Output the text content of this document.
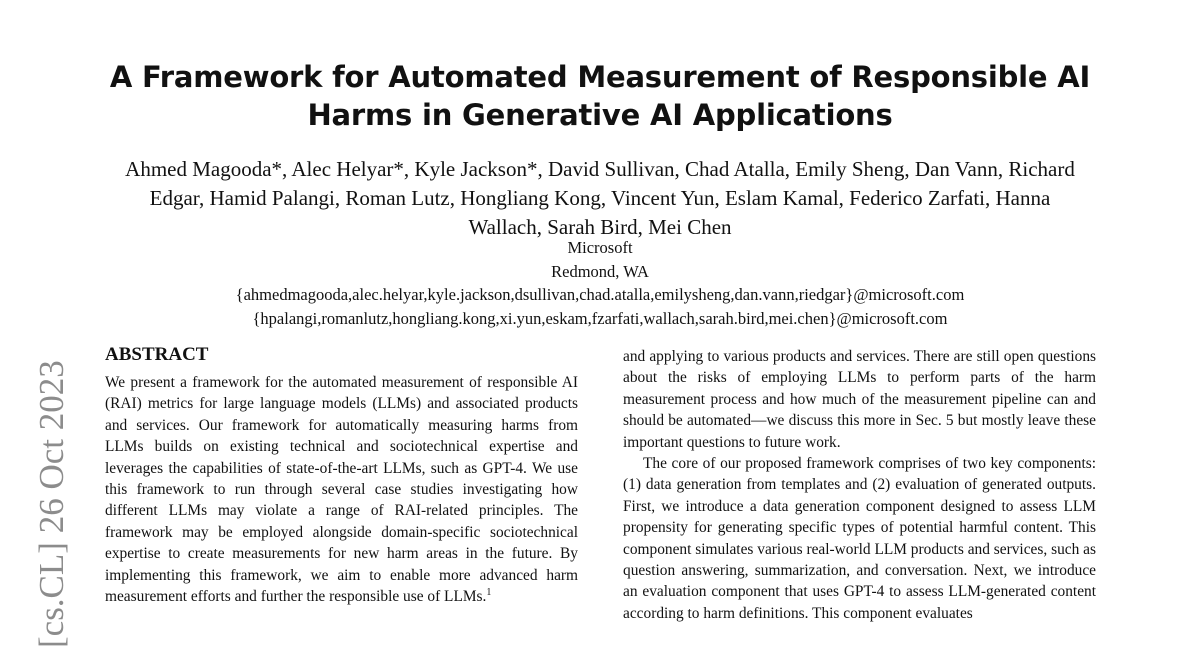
A Framework for Automated Measurement of Responsible AI
Harms in Generative AI Applications
Ahmed Magooda*, Alec Helyar*, Kyle Jackson*, David Sullivan, Chad Atalla, Emily Sheng, Dan Vann, Richard Edgar, Hamid Palangi, Roman Lutz, Hongliang Kong, Vincent Yun, Eslam Kamal, Federico Zarfati, Hanna Wallach, Sarah Bird, Mei Chen
Microsoft
Redmond, WA
{ahmedmagooda,alec.helyar,kyle.jackson,dsullivan,chad.atalla,emilysheng,dan.vann,riedgar}@microsoft.com
{hpalangi,romanlutz,hongliang.kong,xi.yun,eskam,fzarfati,wallach,sarah.bird,mei.chen}@microsoft.com
[cs.CL] 26 Oct 2023
ABSTRACT

We present a framework for the automated measurement of responsible AI (RAI) metrics for large language models (LLMs) and associated products and services. Our framework for automatically measuring harms from LLMs builds on existing technical and sociotechnical expertise and leverages the capabilities of state-of-the-art LLMs, such as GPT-4. We use this framework to run through several case studies investigating how different LLMs may violate a range of RAI-related principles. The framework may be employed alongside domain-specific sociotechnical expertise to create measurements for new harm areas in the future. By implementing this framework, we aim to enable more advanced harm measurement efforts and further the responsible use of LLMs.$^1$

and applying to various products and services. There are still open questions about the risks of employing LLMs to perform parts of the harm measurement process and how much of the measurement pipeline can and should be automated—we discuss this more in Sec. 5 but mostly leave these important questions to future work.

The core of our proposed framework comprises of two key components: (1) data generation from templates and (2) evaluation of generated outputs. First, we introduce a data generation component designed to assess LLM propensity for generating specific types of potential harmful content. This component simulates various real-world LLM products and services, such as question answering, summarization, and conversation. Next, we introduce an evaluation component that uses GPT-4 to assess LLM-generated content according to harm definitions. This component evaluates
